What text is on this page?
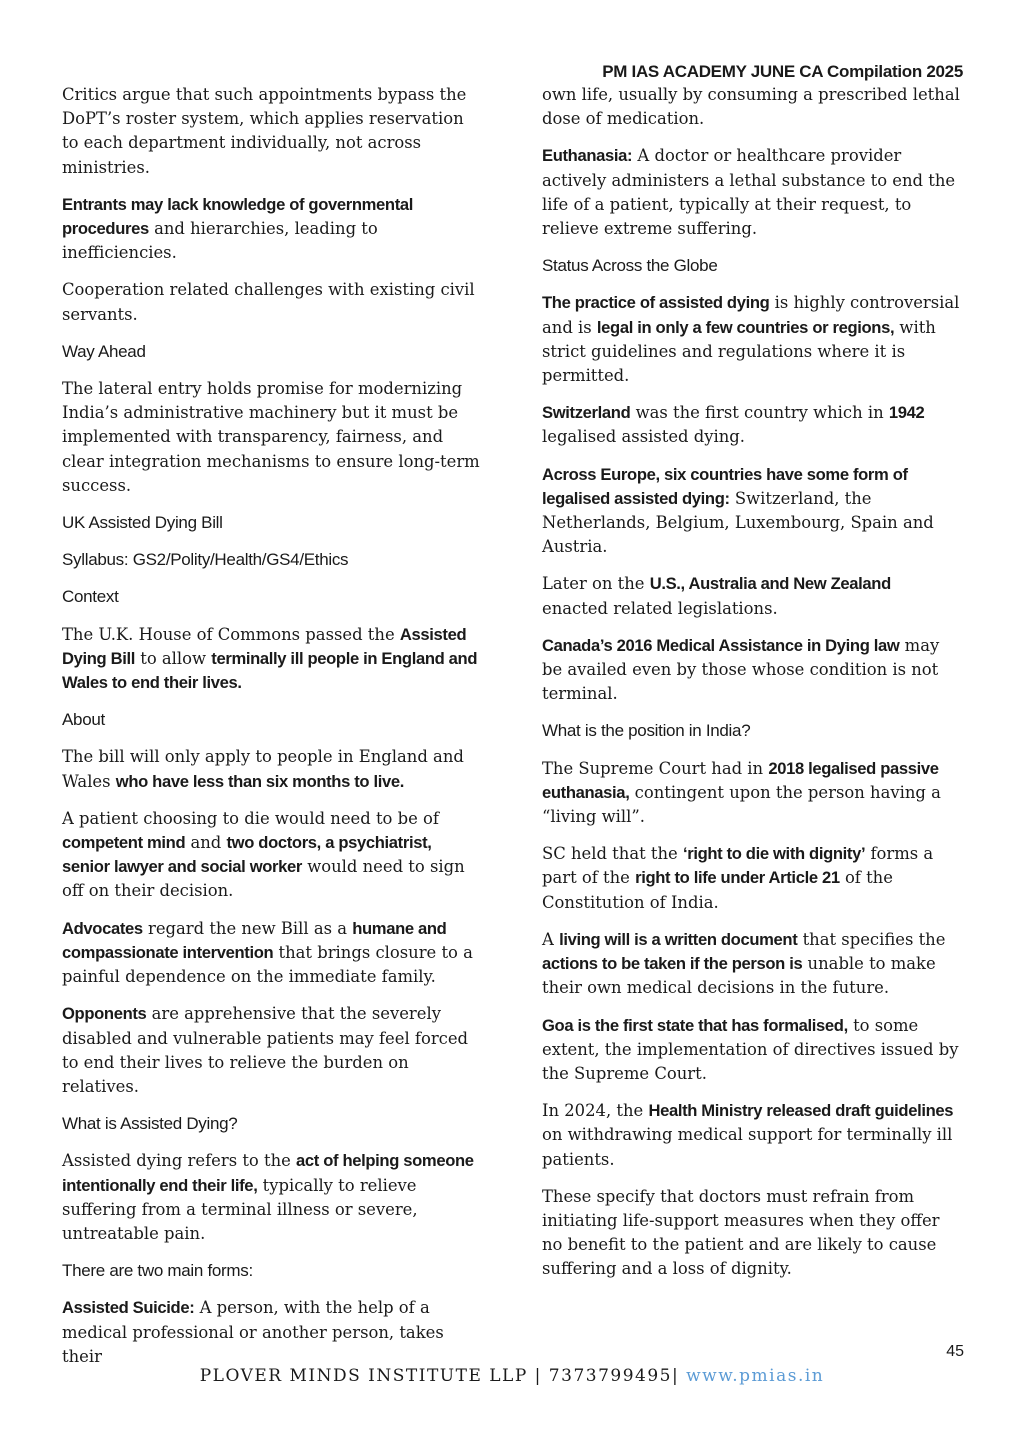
PM IAS ACADEMY JUNE CA Compilation 2025

Critics argue that such appointments bypass the DoPT’s roster system, which applies reservation to each department individually, not across ministries.

Entrants may lack knowledge of governmental procedures and hierarchies, leading to inefficiencies.

Cooperation related challenges with existing civil servants.

Way Ahead

The lateral entry holds promise for modernizing India’s administrative machinery but it must be implemented with transparency, fairness, and clear integration mechanisms to ensure long-term success.

UK Assisted Dying Bill

Syllabus: GS2/Polity/Health/GS4/Ethics

Context

The U.K. House of Commons passed the Assisted Dying Bill to allow terminally ill people in England and Wales to end their lives.

About

The bill will only apply to people in England and Wales who have less than six months to live.

A patient choosing to die would need to be of competent mind and two doctors, a psychiatrist, senior lawyer and social worker would need to sign off on their decision.

Advocates regard the new Bill as a humane and compassionate intervention that brings closure to a painful dependence on the immediate family.

Opponents are apprehensive that the severely disabled and vulnerable patients may feel forced to end their lives to relieve the burden on relatives.

What is Assisted Dying?

Assisted dying refers to the act of helping someone intentionally end their life, typically to relieve suffering from a terminal illness or severe, untreatable pain.

There are two main forms:

Assisted Suicide: A person, with the help of a medical professional or another person, takes their

own life, usually by consuming a prescribed lethal dose of medication.

Euthanasia: A doctor or healthcare provider actively administers a lethal substance to end the life of a patient, typically at their request, to relieve extreme suffering.

Status Across the Globe

The practice of assisted dying is highly controversial and is legal in only a few countries or regions, with strict guidelines and regulations where it is permitted.

Switzerland was the first country which in 1942 legalised assisted dying.

Across Europe, six countries have some form of legalised assisted dying: Switzerland, the Netherlands, Belgium, Luxembourg, Spain and Austria.

Later on the U.S., Australia and New Zealand enacted related legislations.

Canada’s 2016 Medical Assistance in Dying law may be availed even by those whose condition is not terminal.

What is the position in India?

The Supreme Court had in 2018 legalised passive euthanasia, contingent upon the person having a “living will”.

SC held that the ‘right to die with dignity’ forms a part of the right to life under Article 21 of the Constitution of India.

A living will is a written document that specifies the actions to be taken if the person is unable to make their own medical decisions in the future.

Goa is the first state that has formalised, to some extent, the implementation of directives issued by the Supreme Court.

In 2024, the Health Ministry released draft guidelines on withdrawing medical support for terminally ill patients.

These specify that doctors must refrain from initiating life-support measures when they offer no benefit to the patient and are likely to cause suffering and a loss of dignity.

45
PLOVER MINDS INSTITUTE LLP | 7373799495| www.pmias.in
